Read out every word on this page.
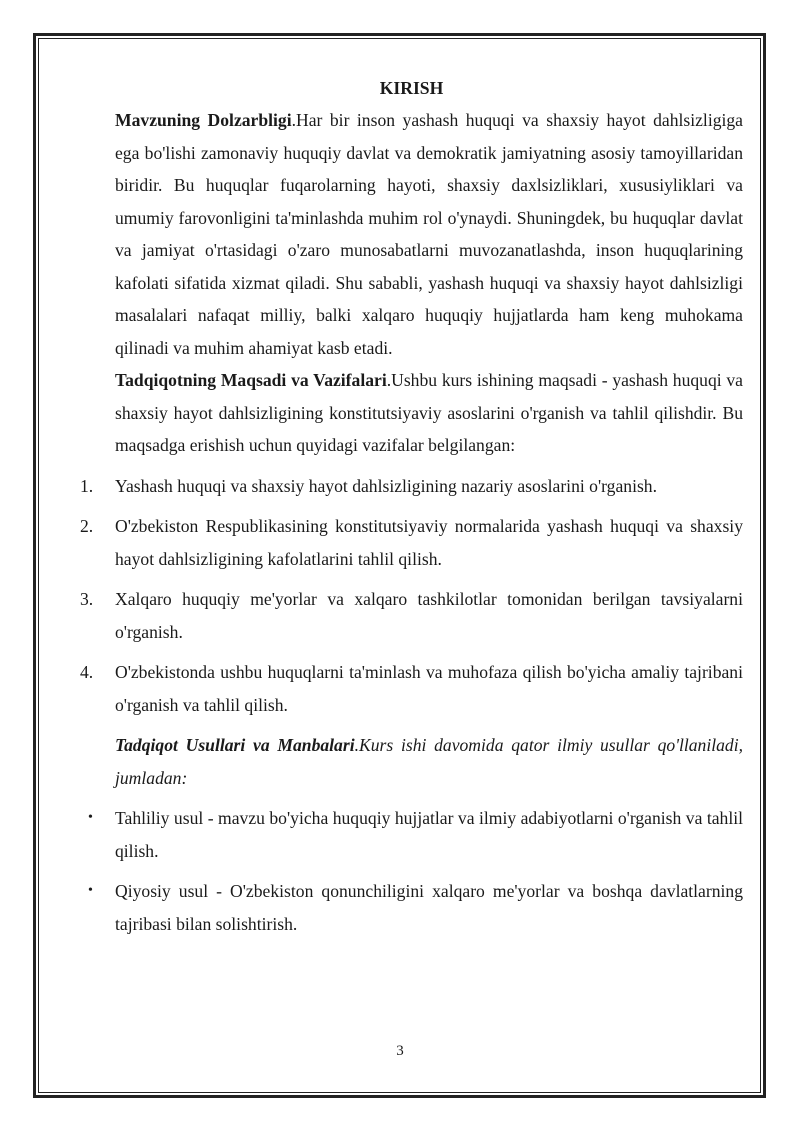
KIRISH

Mavzuning Dolzarbligi.Har bir inson yashash huquqi va shaxsiy hayot dahlsizligiga ega bo'lishi zamonaviy huquqiy davlat va demokratik jamiyatning asosiy tamoyillaridan biridir. Bu huquqlar fuqarolarning hayoti, shaxsiy daxlsizliklari, xususiyliklari va umumiy farovonligini ta'minlashda muhim rol o'ynaydi. Shuningdek, bu huquqlar davlat va jamiyat o'rtasidagi o'zaro munosabatlarni muvozanatlashda, inson huquqlarining kafolati sifatida xizmat qiladi. Shu sababli, yashash huquqi va shaxsiy hayot dahlsizligi masalalari nafaqat milliy, balki xalqaro huquqiy hujjatlarda ham keng muhokama qilinadi va muhim ahamiyat kasb etadi.

Tadqiqotning Maqsadi va Vazifalari.Ushbu kurs ishining maqsadi - yashash huquqi va shaxsiy hayot dahlsizligining konstitutsiyaviy asoslarini o'rganish va tahlil qilishdir. Bu maqsadga erishish uchun quyidagi vazifalar belgilangan:

1.	Yashash huquqi va shaxsiy hayot dahlsizligining nazariy asoslarini o'rganish.
2.	O'zbekiston Respublikasining konstitutsiyaviy normalarida yashash huquqi va shaxsiy hayot dahlsizligining kafolatlarini tahlil qilish.
3.	Xalqaro huquqiy me'yorlar va xalqaro tashkilotlar tomonidan berilgan tavsiyalarni o'rganish.
4.	O'zbekistonda ushbu huquqlarni ta'minlash va muhofaza qilish bo'yicha amaliy tajribani o'rganish va tahlil qilish.

Tadqiqot Usullari va Manbalari.Kurs ishi davomida qator ilmiy usullar qo'llaniladi, jumladan:

•	Tahliliy usul - mavzu bo'yicha huquqiy hujjatlar va ilmiy adabiyotlarni o'rganish va tahlil qilish.
•	Qiyosiy usul - O'zbekiston qonunchiligini xalqaro me'yorlar va boshqa davlatlarning tajribasi bilan solishtirish.
3
